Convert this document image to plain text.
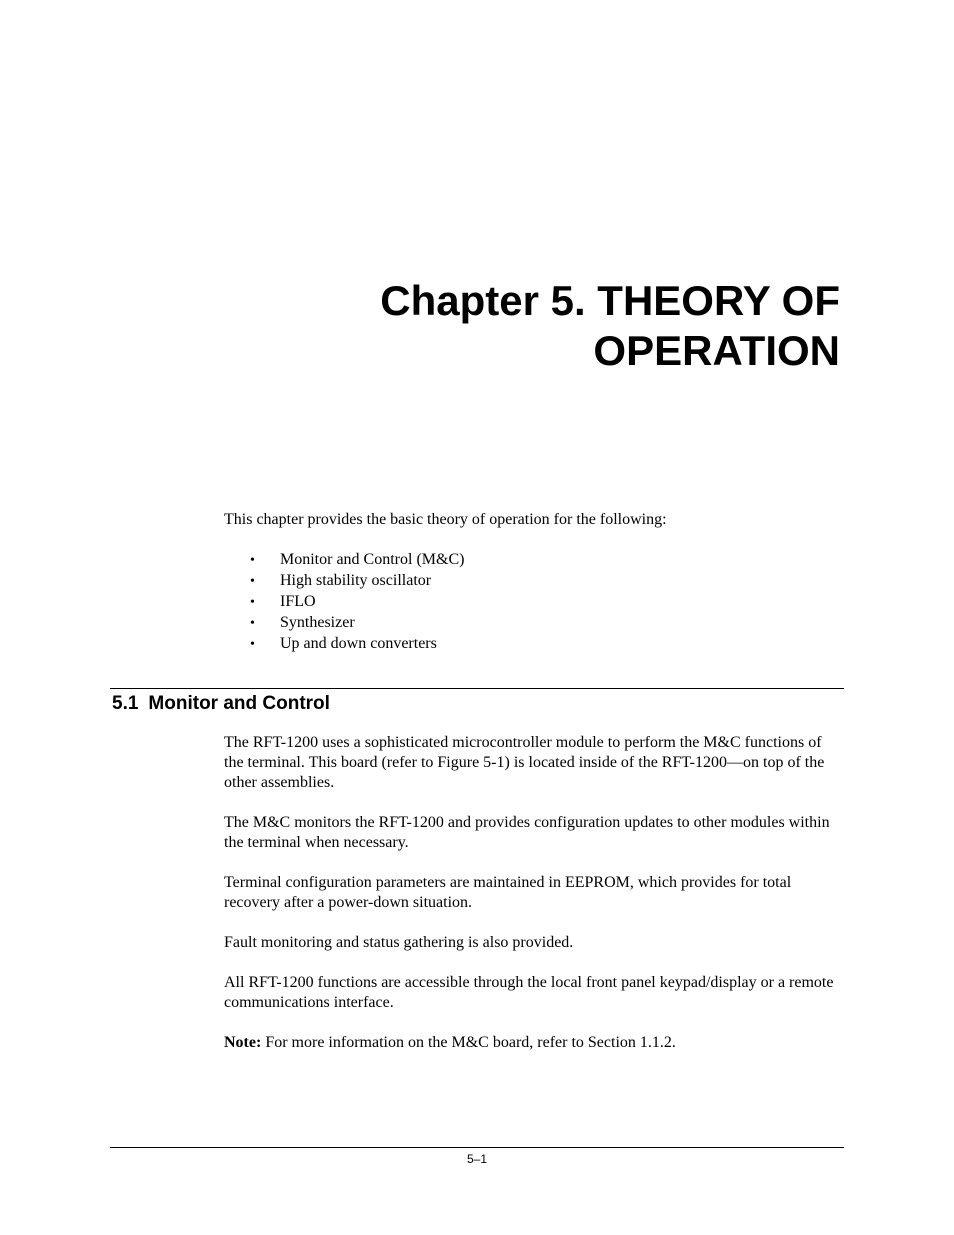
Chapter 5. THEORY OF
OPERATION

This chapter provides the basic theory of operation for the following:

•	Monitor and Control (M&C)
•	High stability oscillator
•	IFLO
•	Synthesizer
•	Up and down converters
5.1 Monitor and Control

The RFT-1200 uses a sophisticated microcontroller module to perform the M&C functions of the terminal. This board (refer to Figure 5-1) is located inside of the RFT-1200—on top of the other assemblies.

The M&C monitors the RFT-1200 and provides configuration updates to other modules within the terminal when necessary.

Terminal configuration parameters are maintained in EEPROM, which provides for total recovery after a power-down situation.

Fault monitoring and status gathering is also provided.

All RFT-1200 functions are accessible through the local front panel keypad/display or a remote communications interface.

Note: For more information on the M&C board, refer to Section 1.1.2.

5–1
